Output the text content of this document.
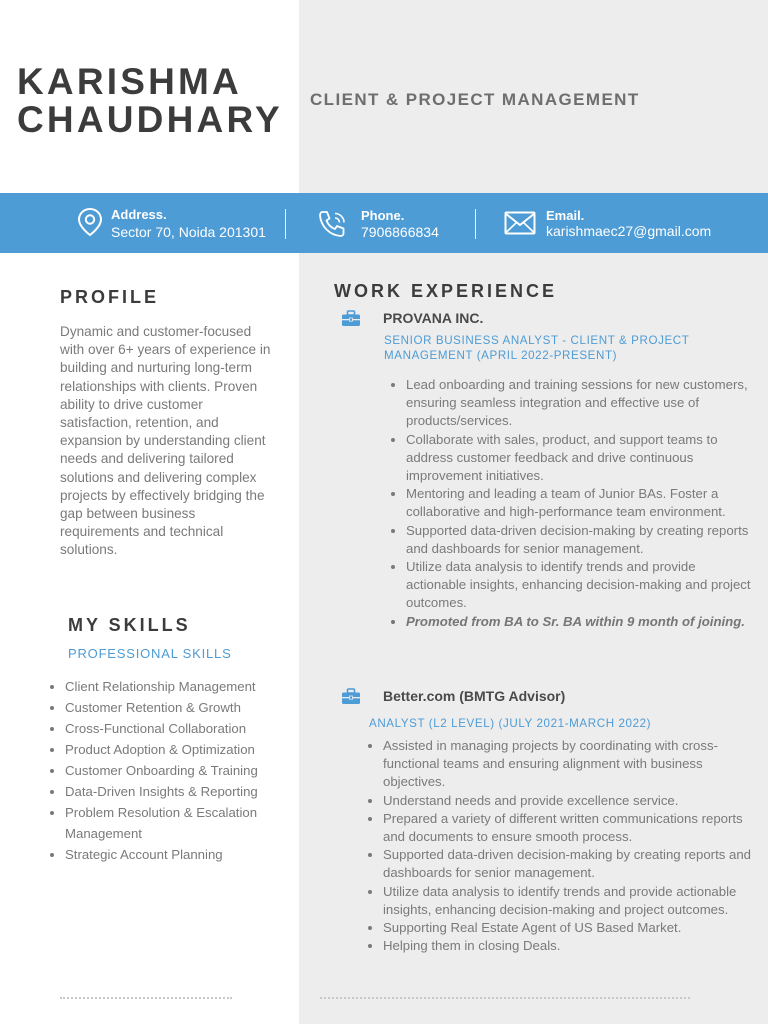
KARISHMA
CHAUDHARY CLIENT & PROJECT MANAGEMENT
Address.
Sector 70, Noida 201301
Phone.
7906866834
Email.
karishmaec27@gmail.com
PROFILE

Dynamic and customer-focused with over 6+ years of experience in building and nurturing long-term relationships with clients. Proven ability to drive customer satisfaction, retention, and expansion by understanding client needs and delivering tailored solutions and delivering complex projects by effectively bridging the gap between business requirements and technical solutions.

MY SKILLS
PROFESSIONAL SKILLS
• Client Relationship Management
• Customer Retention & Growth
• Cross-Functional Collaboration
• Product Adoption & Optimization
• Customer Onboarding & Training
• Data-Driven Insights & Reporting
• Problem Resolution & Escalation Management
• Strategic Account Planning
WORK EXPERIENCE
PROVANA INC.

SENIOR BUSINESS ANALYST - CLIENT & PROJECT MANAGEMENT (APRIL 2022-PRESENT)

• Lead onboarding and training sessions for new customers, ensuring seamless integration and effective use of products/services.
• Collaborate with sales, product, and support teams to address customer feedback and drive continuous improvement initiatives.
• Mentoring and leading a team of Junior BAs. Foster a collaborative and high-performance team environment.
• Supported data-driven decision-making by creating reports and dashboards for senior management.
• Utilize data analysis to identify trends and provide actionable insights, enhancing decision-making and project outcomes.
• Promoted from BA to Sr. BA within 9 month of joining.
Better.com (BMTG Advisor)

ANALYST (L2 LEVEL) (JULY 2021-MARCH 2022)

• Assisted in managing projects by coordinating with cross-functional teams and ensuring alignment with business objectives.
• Understand needs and provide excellence service.
• Prepared a variety of different written communications reports and documents to ensure smooth process.
• Supported data-driven decision-making by creating reports and dashboards for senior management.
• Utilize data analysis to identify trends and provide actionable insights, enhancing decision-making and project outcomes.
• Supporting Real Estate Agent of US Based Market.
• Helping them in closing Deals.
